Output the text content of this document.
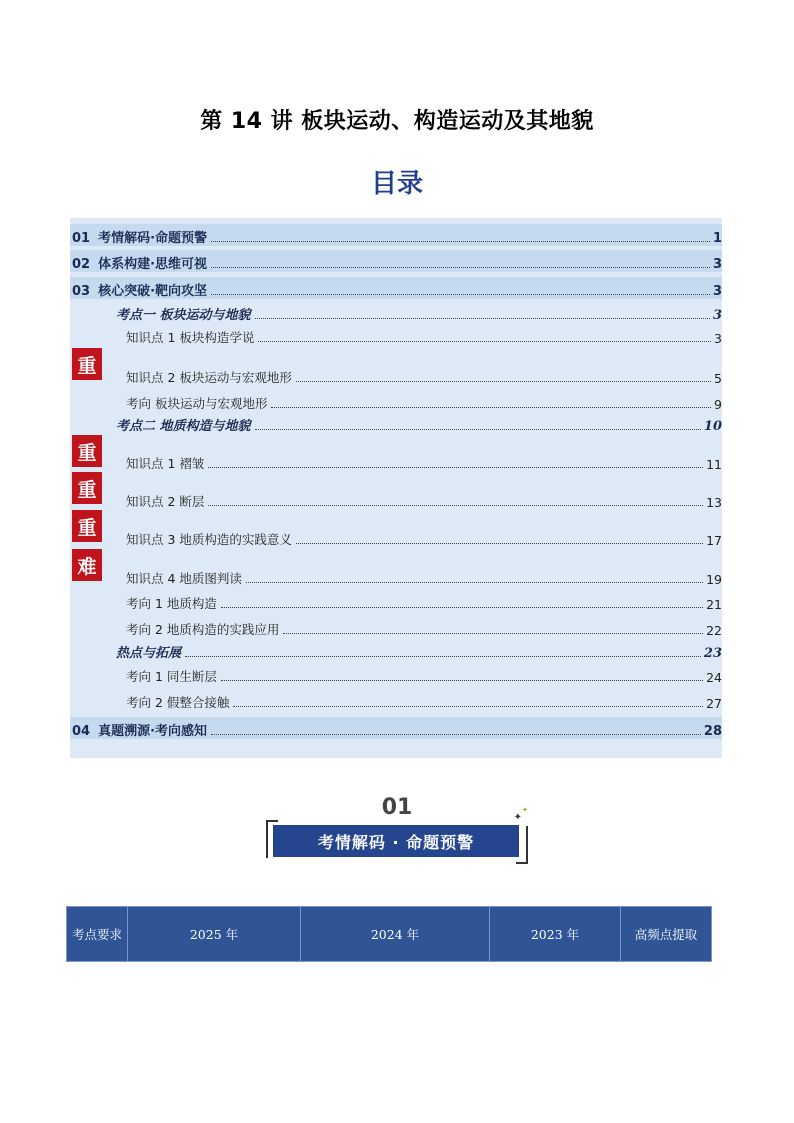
第 14 讲 板块运动、构造运动及其地貌
目录
01 考情解码·命题预警	1
02 体系构建·思维可视	3
03 核心突破·靶向攻坚	3
考点一 板块运动与地貌	3
知识点 1 板块构造学说	3
知识点 2 板块运动与宏观地形	5
考向 板块运动与宏观地形	9
考点二 地质构造与地貌	10
知识点 1 褶皱	11
知识点 2 断层	13
知识点 3 地质构造的实践意义	17
知识点 4 地质图判读	19
考向 1 地质构造	21
考向 2 地质构造的实践应用	22
热点与拓展	23
考向 1 同生断层	24
考向 2 假整合接触	27
04 真题溯源·考向感知	28
重
重
重
重
难
01
考情解码 · 命题预警
✦
✦
考点要求	2025 年	2024 年	2023 年	高频点提取
